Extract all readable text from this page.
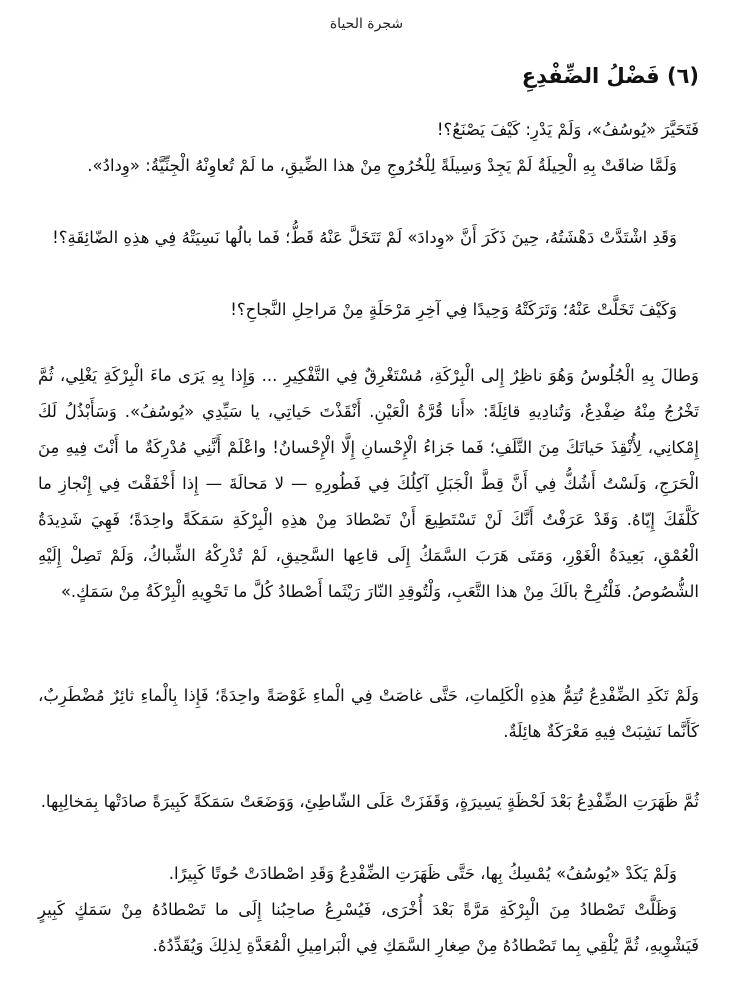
شجرة الحياة
(٦) فَضْلُ الضِّفْدِعِ

فَتَحَيَّرَ «يُوسُفُ»، وَلَمْ يَدْرِ: كَيْفَ يَصْنَعُ؟!

وَلَمَّا ضاقَتْ بِهِ الْحِيلَةُ لَمْ يَجِدْ وَسِيلَةً لِلْخُرُوجِ مِنْ هذا الضِّيقِ، ما لَمْ تُعاوِنْهُ الْجِنِّيَّةُ: «وِدادُ».

وَقَدِ اشْتَدَّتْ دَهْشَتُهُ، حِينَ ذَكَرَ أَنَّ «وِدادَ» لَمْ تَتَخَلَّ عَنْهُ قَطُّ؛ فَما بالُها نَسِيَتْهُ فِي هذِهِ الضّائِقَةِ؟!

وَكَيْفَ تَخَلَّتْ عَنْهُ؛ وَتَرَكَتْهُ وَحِيدًا فِي آخِرِ مَرْحَلَةٍ مِنْ مَراحِلِ النَّجاحِ؟!

وَطالَ بِهِ الْجُلُوسُ وَهُوَ ناظِرٌ إِلى الْبِرْكَةِ، مُسْتَغْرِقٌ فِي التَّفْكِيرِ ... وَإِذا بِهِ يَرَى ماءَ الْبِرْكَةِ يَغْلِي، ثُمَّ تَخْرُجُ مِنْهُ ضِفْدِعٌ، وَتُنادِيهِ قائِلَةً: «أَنا قُرَّةُ الْعَيْنِ. أَنْقَذْتَ حَياتِي، يا سَيِّدِي «يُوسُفُ». وَسَأَبْذُلُ لَكَ إِمْكانِي، لِأُنْقِذَ حَياتَكَ مِنَ التَّلَفِ؛ فَما جَزاءُ الْإِحْسانِ إِلَّا الْإِحْسانُ! واعْلَمْ أَنَّنِي مُدْرِكَةٌ ما أَنْتَ فِيهِ مِنَ الْحَرَجِ، وَلَسْتُ أَشُكُّ فِي أَنَّ قِطَّ الْجَبَلِ آكِلُكَ فِي فَطُورِهِ — لا مَحالَةَ — إِذا أَخْفَقْتَ فِي إِنْجازِ ما كَلَّفَكَ إِيّاهُ. وَقَدْ عَرَفْتُ أَنَّكَ لَنْ تَسْتَطِيعَ أَنْ تَصْطادَ مِنْ هذِهِ الْبِرْكَةِ سَمَكَةً واحِدَةً؛ فَهِيَ شَدِيدَةُ الْعُمْقِ، بَعِيدَةُ الْغَوْرِ، وَمَتَى هَرَبَ السَّمَكُ إِلَى قاعِها السَّحِيقِ، لَمْ تُدْرِكْهُ الشِّباكُ، وَلَمْ تَصِلْ إِلَيْهِ الشُّصُوصُ. فَلْتُرِحْ بالَكَ مِنْ هذا التَّعَبِ، وَلْتُوقِدِ النّارَ رَيْثَما أَصْطادُ كُلَّ ما تَحْوِيهِ الْبِرْكَةُ مِنْ سَمَكٍ.»

وَلَمْ تَكَدِ الضِّفْدِعُ تُتِمُّ هذِهِ الْكَلِماتِ، حَتَّى غاصَتْ فِي الْماءِ غَوْصَةً واحِدَةً؛ فَإِذا بِالْماءِ ثائِرٌ مُضْطَرِبٌ، كَأَنَّما نَشِبَتْ فِيهِ مَعْرَكَةٌ هائِلَةٌ.

ثُمَّ ظَهَرَتِ الضِّفْدِعُ بَعْدَ لَحْظَةٍ يَسِيرَةٍ، وَقَفَزَتْ عَلَى الشّاطِئِ، وَوَضَعَتْ سَمَكَةً كَبِيرَةً صادَتْها بِمَخالِبِها.

وَلَمْ يَكَدْ «يُوسُفُ» يُمْسِكُ بِها، حَتَّى ظَهَرَتِ الضِّفْدِعُ وَقَدِ اصْطادَتْ حُوتًا كَبِيرًا.

وَظَلَّتْ تَصْطادُ مِنَ الْبِرْكَةِ مَرَّةً بَعْدَ أُخْرَى، فَيُسْرِعُ صاحِبُنا إِلَى ما تَصْطادُهُ مِنْ سَمَكٍ كَبِيرٍ فَيَشْوِيهِ، ثُمَّ يُلْقِي بِما تَصْطادُهُ مِنْ صِغارِ السَّمَكِ فِي الْبَرامِيلِ الْمُعَدَّةِ لِذلِكَ وَيُقَدِّدُهُ.
